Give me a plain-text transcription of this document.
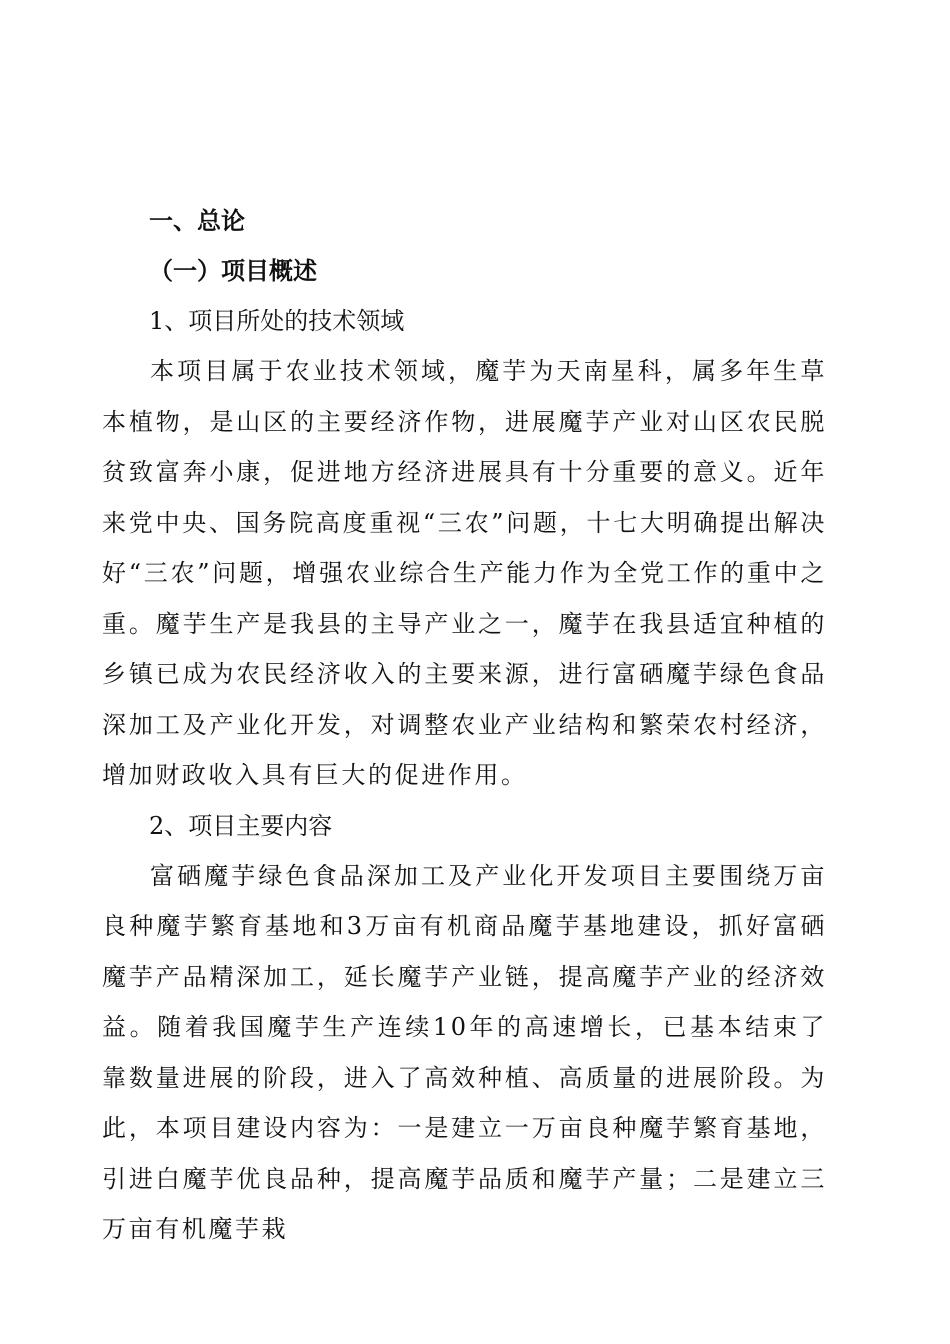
一、总论

（一）项目概述

1、项目所处的技术领域

本项目属于农业技术领域，魔芋为天南星科，属多年生草本植物，是山区的主要经济作物，进展魔芋产业对山区农民脱贫致富奔小康，促进地方经济进展具有十分重要的意义。近年来党中央、国务院高度重视“三农”问题，十七大明确提出解决好“三农”问题，增强农业综合生产能力作为全党工作的重中之重。魔芋生产是我县的主导产业之一，魔芋在我县适宜种植的乡镇已成为农民经济收入的主要来源，进行富硒魔芋绿色食品深加工及产业化开发，对调整农业产业结构和繁荣农村经济，增加财政收入具有巨大的促进作用。

2、项目主要内容

富硒魔芋绿色食品深加工及产业化开发项目主要围绕万亩良种魔芋繁育基地和3万亩有机商品魔芋基地建设，抓好富硒魔芋产品精深加工，延长魔芋产业链，提高魔芋产业的经济效益。随着我国魔芋生产连续10年的高速增长，已基本结束了靠数量进展的阶段，进入了高效种植、高质量的进展阶段。为此，本项目建设内容为：一是建立一万亩良种魔芋繁育基地，引进白魔芋优良品种，提高魔芋品质和魔芋产量；二是建立三万亩有机魔芋栽
